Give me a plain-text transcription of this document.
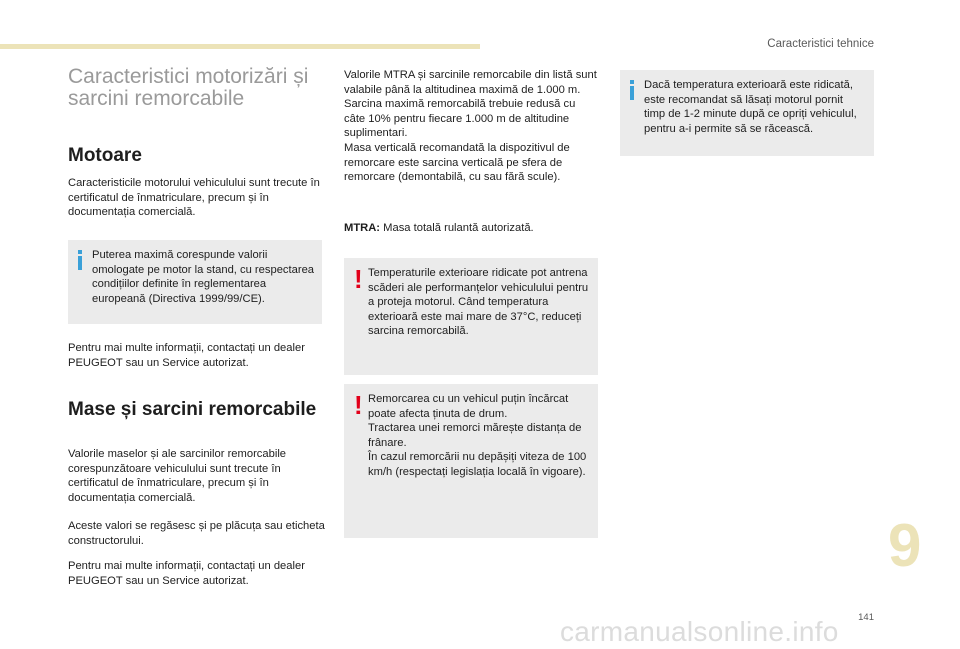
Caracteristici tehnice
Caracteristici motorizări și sarcini remorcabile
Motoare

Caracteristicile motorului vehiculului sunt trecute în certificatul de înmatriculare, precum și în documentația comercială.

Puterea maximă corespunde valorii omologate pe motor la stand, cu respectarea condițiilor definite în reglementarea europeană (Directiva 1999/99/CE).

Pentru mai multe informații, contactați un dealer PEUGEOT sau un Service autorizat.

Mase și sarcini remorcabile

Valorile maselor și ale sarcinilor remorcabile corespunzătoare vehiculului sunt trecute în certificatul de înmatriculare, precum și în documentația comercială.

Aceste valori se regăsesc și pe plăcuța sau eticheta constructorului.

Pentru mai multe informații, contactați un dealer PEUGEOT sau un Service autorizat.

Valorile MTRA și sarcinile remorcabile din listă sunt valabile până la altitudinea maximă de 1.000 m. Sarcina maximă remorcabilă trebuie redusă cu câte 10% pentru fiecare 1.000 m de altitudine suplimentari.

Masa verticală recomandată la dispozitivul de remorcare este sarcina verticală pe sfera de remorcare (demontabilă, cu sau fără scule).

MTRA: Masa totală rulantă autorizată.

! Temperaturile exterioare ridicate pot antrena scăderi ale performanțelor vehiculului pentru a proteja motorul. Când temperatura exterioară este mai mare de 37°C, reduceți sarcina remorcabilă.
! Remorcarea cu un vehicul puțin încărcat poate afecta ținuta de drum.
Tractarea unei remorci mărește distanța de frânare.
În cazul remorcării nu depășiți viteza de 100 km/h (respectați legislația locală în vigoare).
Dacă temperatura exterioară este ridicată, este recomandat să lăsați motorul pornit timp de 1-2 minute după ce opriți vehiculul, pentru a-i permite să se răcească.
9
141
carmanualsonline.info
